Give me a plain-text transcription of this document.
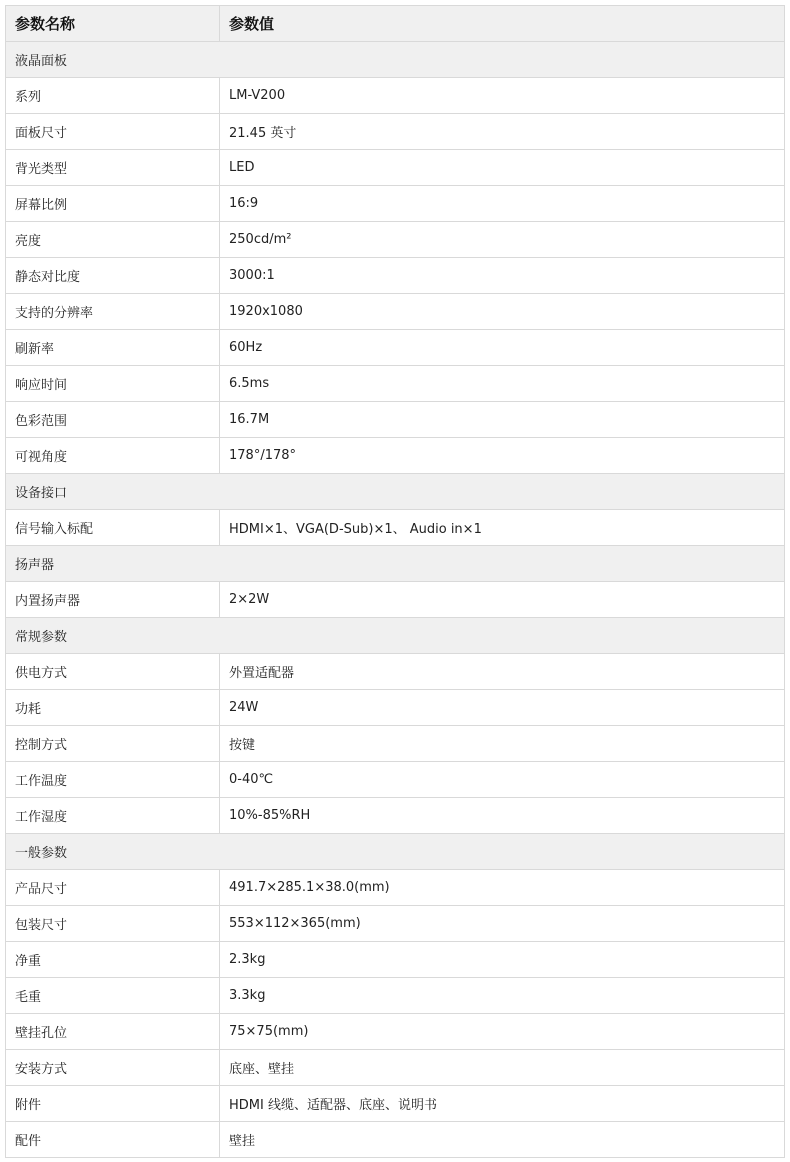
参数名称	参数值
液晶面板	
系列	LM-V200
面板尺寸	21.45 英寸
背光类型	LED
屏幕比例	16:9
亮度	250cd/m²
静态对比度	3000:1
支持的分辨率	1920x1080
刷新率	60Hz
响应时间	6.5ms
色彩范围	16.7M
可视角度	178°/178°
设备接口	
信号输入标配	HDMI×1、VGA(D-Sub)×1、 Audio in×1
扬声器	
内置扬声器	2×2W
常规参数	
供电方式	外置适配器
功耗	24W
控制方式	按键
工作温度	0-40℃
工作湿度	10%-85%RH
一般参数	
产品尺寸	491.7×285.1×38.0(mm)
包装尺寸	553×112×365(mm)
净重	2.3kg
毛重	3.3kg
壁挂孔位	75×75(mm)
安装方式	底座、壁挂
附件	HDMI 线缆、适配器、底座、说明书
配件	壁挂
